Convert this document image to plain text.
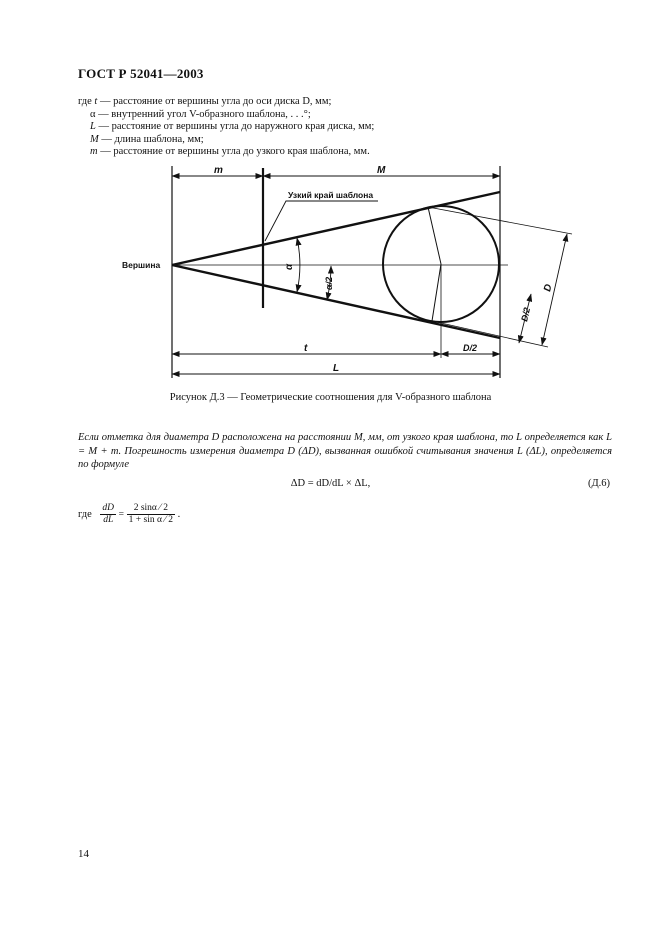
ГОСТ Р 52041—2003
где t — расстояние от вершины угла до оси диска D, мм;
α — внутренний угол V-образного шаблона, . . .°;
L — расстояние от вершины угла до наружного края диска, мм;
M — длина шаблона, мм;
m — расстояние от вершины угла до узкого края шаблона, мм.
m	M
Узкий край шаблона
Вершина	α
α/2	D
D/2
t	D/2
L
Рисунок Д.3 — Геометрические соотношения для V-образного шаблона
Если отметка для диаметра D расположена на расстоянии M, мм, от узкого края шаблона, то L определяется как L = M + m. Погрешность измерения диаметра D (ΔD), вызванная ошибкой считывания значения L (ΔL), определяется по формуле
ΔD = dD/dL × ΔL,	(Д.6)
где $\frac{dD}{dL} = \frac{2 \sin\alpha ⁄ 2}{\text{1 + sin α ⁄ 2}}$ .
14
